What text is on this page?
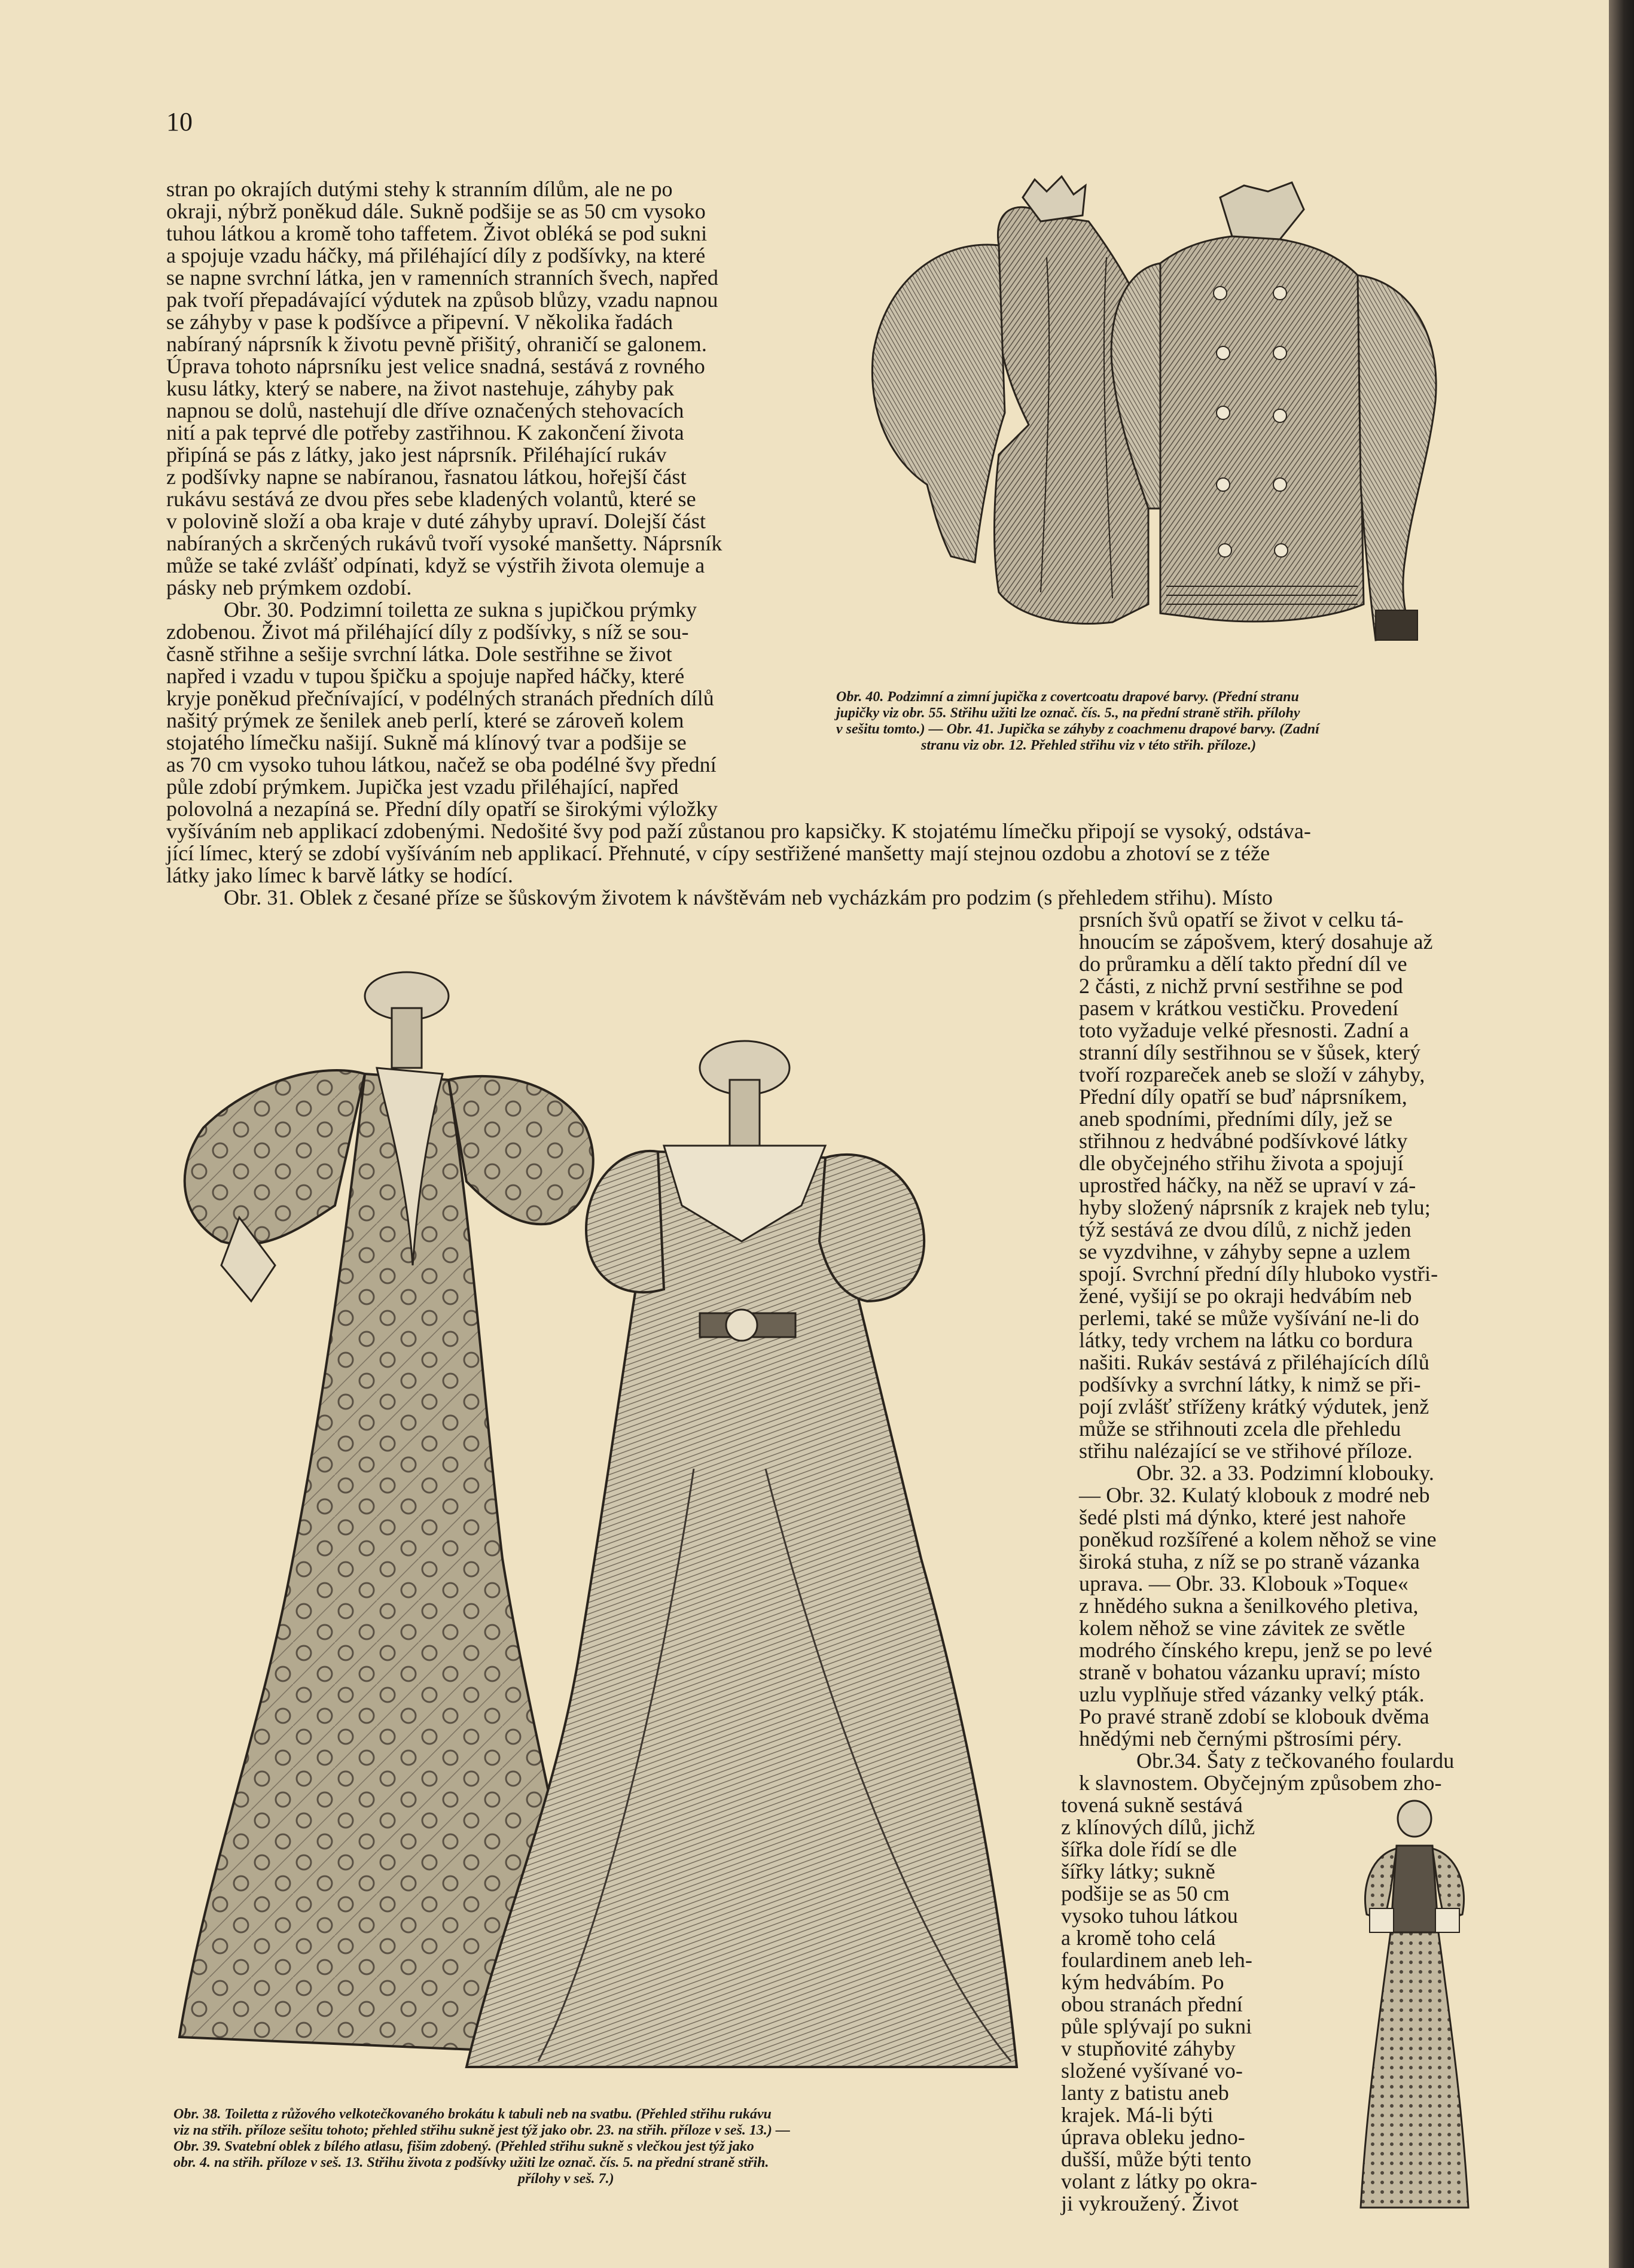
10

stran po okrajích dutými stehy k stranním dílům, ale ne po

okraji, nýbrž poněkud dále. Sukně podšije se as 50 cm vysoko

tuhou látkou a kromě toho taffetem. Život obléká se pod sukni

a spojuje vzadu háčky, má přiléhající díly z podšívky, na které

se napne svrchní látka, jen v ramenních stranních švech, napřed

pak tvoří přepadávající výdutek na způsob blůzy, vzadu napnou

se záhyby v pase k podšívce a připevní. V několika řadách

nabíraný náprsník k životu pevně přišitý, ohraničí se galonem.

Úprava tohoto náprsníku jest velice snadná, sestává z rovného

kusu látky, který se nabere, na život nastehuje, záhyby pak

napnou se dolů, nastehují dle dříve označených stehovacích

nití a pak teprvé dle potřeby zastřihnou. K zakončení života

připíná se pás z látky, jako jest náprsník. Přiléhající rukáv

z podšívky napne se nabíranou, řasnatou látkou, hořejší část

rukávu sestává ze dvou přes sebe kladených volantů, které se

v polovině složí a oba kraje v duté záhyby upraví. Dolejší část

nabíraných a skrčených rukávů tvoří vysoké manšetty. Náprsník

může se také zvlášť odpínati, když se výstřih života olemuje a

pásky neb prýmkem ozdobí.

Obr. 30. Podzimní toiletta ze sukna s jupičkou prýmky

zdobenou. Život má přiléhající díly z podšívky, s níž se sou-

časně střihne a sešije svrchní látka. Dole sestřihne se život

napřed i vzadu v tupou špičku a spojuje napřed háčky, které

kryje poněkud přečnívající, v podélných stranách předních dílů

našitý prýmek ze šenilek aneb perlí, které se zároveň kolem

stojatého límečku našijí. Sukně má klínový tvar a podšije se

as 70 cm vysoko tuhou látkou, načež se oba podélné švy přední

půle zdobí prýmkem. Jupička jest vzadu přiléhající, napřed

polovolná a nezapíná se. Přední díly opatří se širokými výložky

vyšíváním neb applikací zdobenými. Nedošité švy pod paží zůstanou pro kapsičky. K stojatému límečku připojí se vysoký, odstáva-

jící límec, který se zdobí vyšíváním neb applikací. Přehnuté, v cípy sestřižené manšetty mají stejnou ozdobu a zhotoví se z téže

látky jako límec k barvě látky se hodící.

Obr. 31. Oblek z česané příze se šůskovým životem k návštěvám neb vycházkám pro podzim (s přehledem střihu). Místo

prsních švů opatří se život v celku tá-

hnoucím se zápošvem, který dosahuje až

do průramku a dělí takto přední díl ve

2 části, z nichž první sestřihne se pod

pasem v krátkou vestičku. Provedení

toto vyžaduje velké přesnosti. Zadní a

stranní díly sestřihnou se v šůsek, který

tvoří rozpareček aneb se složí v záhyby,

Přední díly opatří se buď náprsníkem,

aneb spodními, předními díly, jež se

střihnou z hedvábné podšívkové látky

dle obyčejného střihu života a spojují

uprostřed háčky, na něž se upraví v zá-

hyby složený náprsník z krajek neb tylu;

týž sestává ze dvou dílů, z nichž jeden

se vyzdvihne, v záhyby sepne a uzlem

spojí. Svrchní přední díly hluboko vystři-

žené, vyšijí se po okraji hedvábím neb

perlemi, také se může vyšívání ne-li do

látky, tedy vrchem na látku co bordura

našiti. Rukáv sestává z přiléhajících dílů

podšívky a svrchní látky, k nimž se při-

pojí zvlášť stříženy krátký výdutek, jenž

může se střihnouti zcela dle přehledu

střihu nalézající se ve střihové příloze.

Obr. 32. a 33. Podzimní klobouky.

— Obr. 32. Kulatý klobouk z modré neb

šedé plsti má dýnko, které jest nahoře

poněkud rozšířené a kolem něhož se vine

široká stuha, z níž se po straně vázanka

uprava. — Obr. 33. Klobouk »Toque«

z hnědého sukna a šenilkového pletiva,

kolem něhož se vine závitek ze světle

modrého čínského krepu, jenž se po levé

straně v bohatou vázanku upraví; místo

uzlu vyplňuje střed vázanky velký pták.

Po pravé straně zdobí se klobouk dvěma

hnědými neb černými pštrosími péry.

Obr.34. Šaty z tečkovaného foulardu

k slavnostem. Obyčejným způsobem zho-

tovená sukně sestává

z klínových dílů, jichž

šířka dole řídí se dle

šířky látky; sukně

podšije se as 50 cm

vysoko tuhou látkou

a kromě toho celá

foulardinem aneb leh-

kým hedvábím. Po

obou stranách přední

půle splývají po sukni

v stupňovité záhyby

složené vyšívané vo-

lanty z batistu aneb

krajek. Má-li býti

úprava obleku jedno-

dušší, může býti tento

volant z látky po okra-

ji vykroužený. Život

Obr. 40. Podzimní a zimní jupička z covertcoatu drapové barvy. (Přední stranu

jupičky viz obr. 55. Střihu užiti lze označ. čís. 5., na přední straně střih. přílohy

v sešitu tomto.) — Obr. 41. Jupička se záhyby z coachmenu drapové barvy. (Zadní

stranu viz obr. 12. Přehled střihu viz v této střih. příloze.)

Obr. 38. Toiletta z růžového velkotečkovaného brokátu k tabuli neb na svatbu. (Přehled střihu rukávu

viz na střih. příloze sešitu tohoto; přehled střihu sukně jest týž jako obr. 23. na střih. příloze v seš. 13.) —

Obr. 39. Svatební oblek z bílého atlasu, fišim zdobený. (Přehled střihu sukně s vlečkou jest týž jako

obr. 4. na střih. příloze v seš. 13. Střihu života z podšívky užiti lze označ. čís. 5. na přední straně střih.

přílohy v seš. 7.)
